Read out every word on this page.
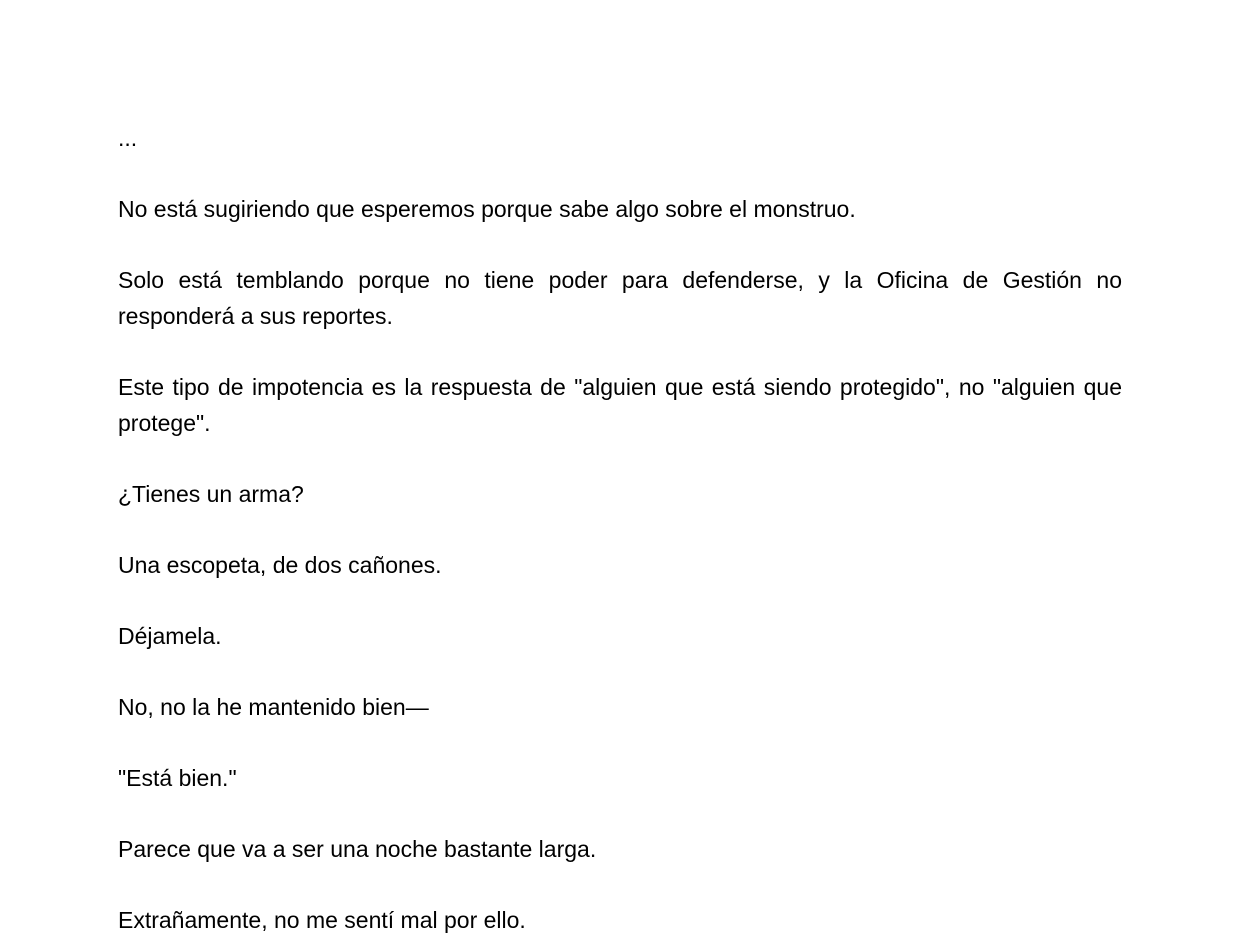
...

No está sugiriendo que esperemos porque sabe algo sobre el monstruo.

Solo está temblando porque no tiene poder para defenderse, y la Oficina de Gestión no responderá a sus reportes.

Este tipo de impotencia es la respuesta de "alguien que está siendo protegido", no "alguien que protege".

¿Tienes un arma?

Una escopeta, de dos cañones.

Déjamela.

No, no la he mantenido bien—

"Está bien."

Parece que va a ser una noche bastante larga.

Extrañamente, no me sentí mal por ello.
